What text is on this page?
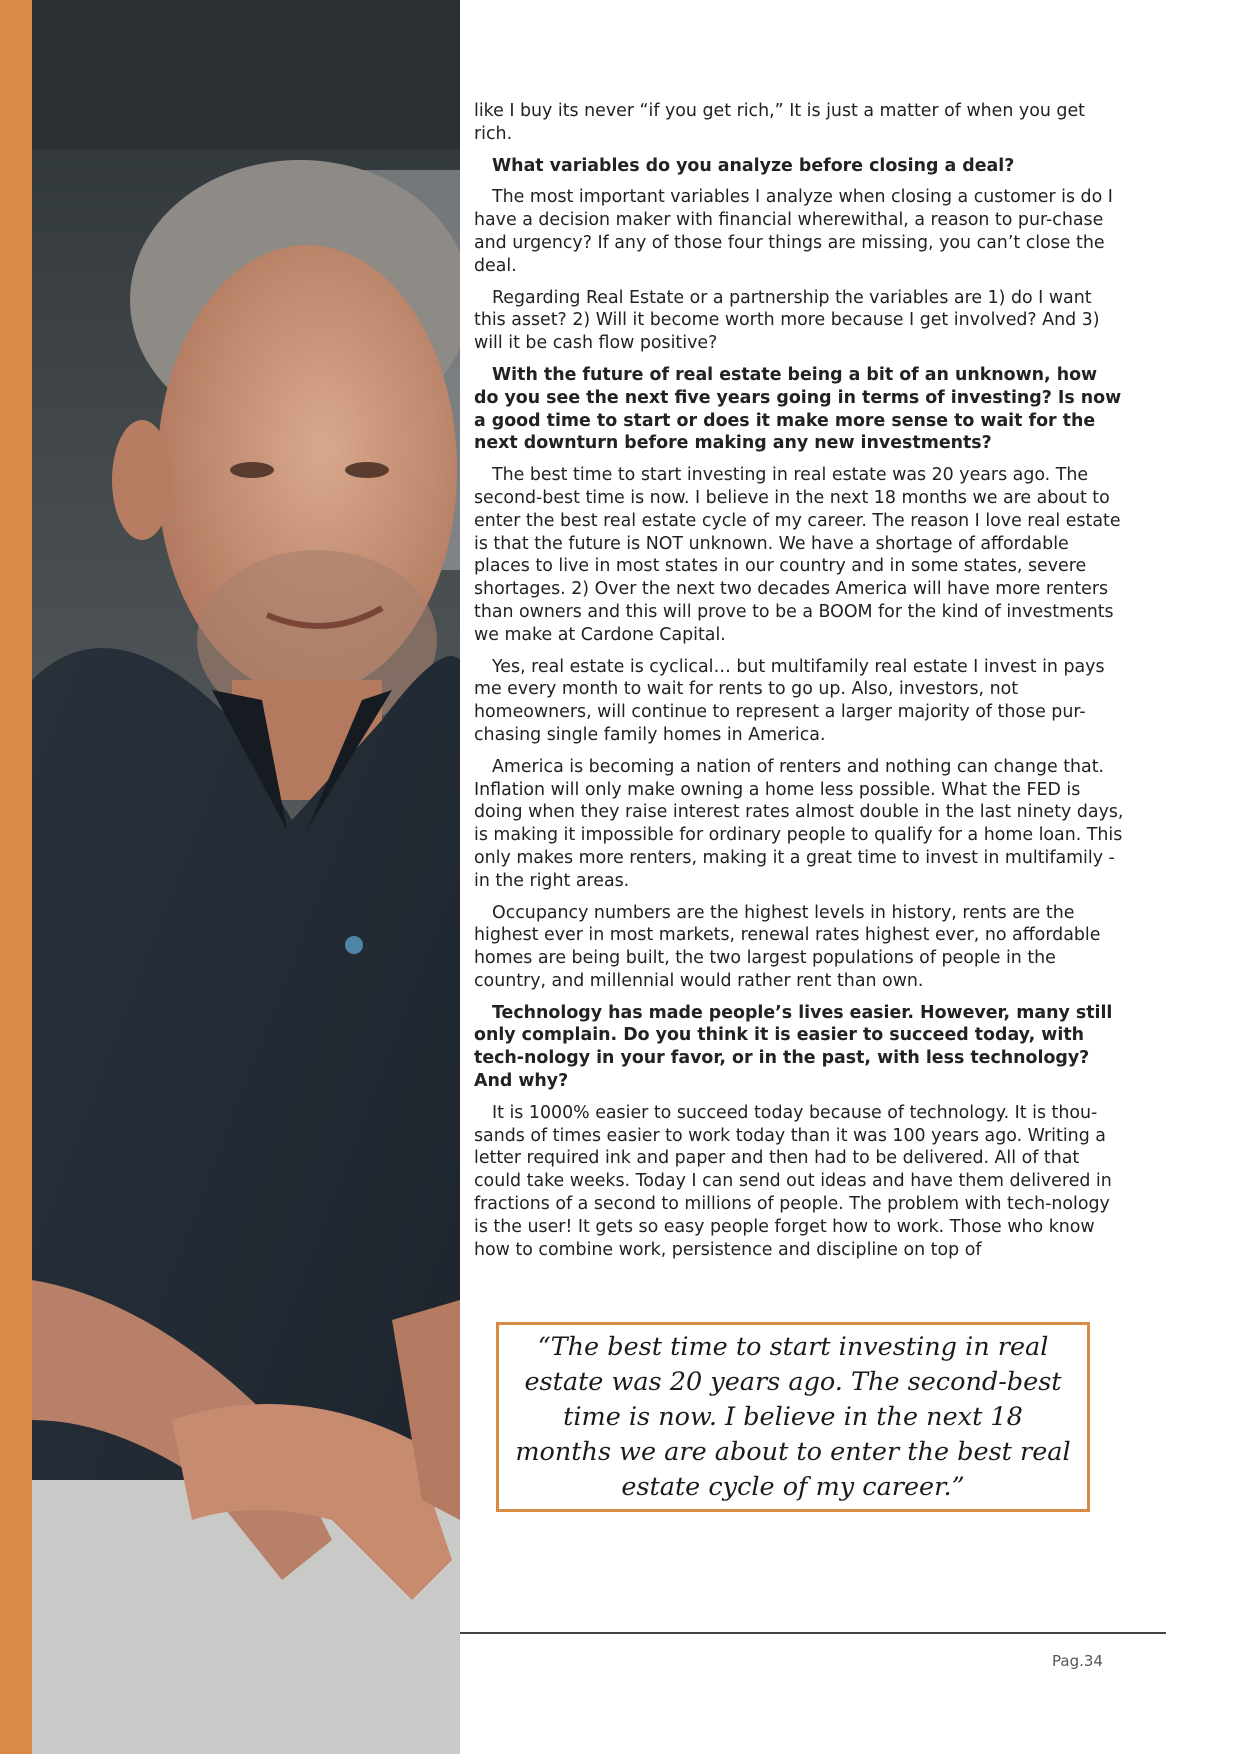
like I buy its never “if you get rich,” It is just a matter of when you get rich.

What variables do you analyze before closing a deal?

The most important variables I analyze when closing a customer is do I have a decision maker with financial wherewithal, a reason to pur-chase and urgency? If any of those four things are missing, you can’t close the deal.

Regarding Real Estate or a partnership the variables are 1) do I want this asset? 2) Will it become worth more because I get involved? And 3) will it be cash flow positive?

With the future of real estate being a bit of an unknown, how do you see the next five years going in terms of investing? Is now a good time to start or does it make more sense to wait for the next downturn before making any new investments?

The best time to start investing in real estate was 20 years ago. The second-best time is now. I believe in the next 18 months we are about to enter the best real estate cycle of my career. The reason I love real estate is that the future is NOT unknown. We have a shortage of affordable places to live in most states in our country and in some states, severe shortages. 2) Over the next two decades America will have more renters than owners and this will prove to be a BOOM for the kind of investments we make at Cardone Capital.

Yes, real estate is cyclical… but multifamily real estate I invest in pays me every month to wait for rents to go up. Also, investors, not homeowners, will continue to represent a larger majority of those pur-chasing single family homes in America.

America is becoming a nation of renters and nothing can change that. Inflation will only make owning a home less possible. What the FED is doing when they raise interest rates almost double in the last ninety days, is making it impossible for ordinary people to qualify for a home loan. This only makes more renters, making it a great time to invest in multifamily - in the right areas.

Occupancy numbers are the highest levels in history, rents are the highest ever in most markets, renewal rates highest ever, no affordable homes are being built, the two largest populations of people in the country, and millennial would rather rent than own.

Technology has made people’s lives easier. However, many still only complain. Do you think it is easier to succeed today, with tech-nology in your favor, or in the past, with less technology? And why?

It is 1000% easier to succeed today because of technology. It is thou-sands of times easier to work today than it was 100 years ago. Writing a letter required ink and paper and then had to be delivered. All of that could take weeks. Today I can send out ideas and have them delivered in fractions of a second to millions of people. The problem with tech-nology is the user! It gets so easy people forget how to work. Those who know how to combine work, persistence and discipline on top of

“The best time to start investing in real estate was 20 years ago. The second-best time is now. I believe in the next 18 months we are about to enter the best real estate cycle of my career.”
Pag.34
